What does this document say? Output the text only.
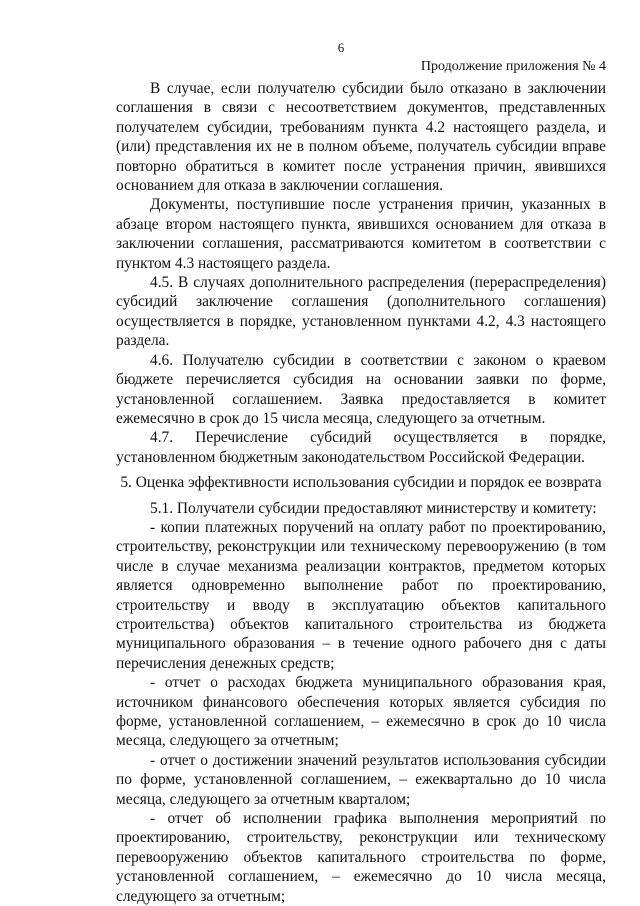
6
Продолжение приложения № 4

В случае, если получателю субсидии было отказано в заключении соглашения в связи с несоответствием документов, представленных получателем субсидии, требованиям пункта 4.2 настоящего раздела, и (или) представления их не в полном объеме, получатель субсидии вправе повторно обратиться в комитет после устранения причин, явившихся основанием для отказа в заключении соглашения.

Документы, поступившие после устранения причин, указанных в абзаце втором настоящего пункта, явившихся основанием для отказа в заключении соглашения, рассматриваются комитетом в соответствии с пунктом 4.3 настоящего раздела.

4.5. В случаях дополнительного распределения (перераспределения) субсидий заключение соглашения (дополнительного соглашения) осуществляется в порядке, установленном пунктами 4.2, 4.3 настоящего раздела.

4.6. Получателю субсидии в соответствии с законом о краевом бюджете перечисляется субсидия на основании заявки по форме, установленной соглашением. Заявка предоставляется в комитет ежемесячно в срок до 15 числа месяца, следующего за отчетным.

4.7. Перечисление субсидий осуществляется в порядке, установленном бюджетным законодательством Российской Федерации.

5. Оценка эффективности использования субсидии и порядок ее возврата

5.1. Получатели субсидии предоставляют министерству и комитету:

- копии платежных поручений на оплату работ по проектированию, строительству, реконструкции или техническому перевооружению (в том числе в случае механизма реализации контрактов, предметом которых является одновременно выполнение работ по проектированию, строительству и вводу в эксплуатацию объектов капитального строительства) объектов капитального строительства из бюджета муниципального образования – в течение одного рабочего дня с даты перечисления денежных средств;

- отчет о расходах бюджета муниципального образования края, источником финансового обеспечения которых является субсидия по форме, установленной соглашением, – ежемесячно в срок до 10 числа месяца, следующего за отчетным;

- отчет о достижении значений результатов использования субсидии по форме, установленной соглашением, – ежеквартально до 10 числа месяца, следующего за отчетным кварталом;

- отчет об исполнении графика выполнения мероприятий по проектированию, строительству, реконструкции или техническому перевооружению объектов капитального строительства по форме, установленной соглашением, – ежемесячно до 10 числа месяца, следующего за отчетным;
